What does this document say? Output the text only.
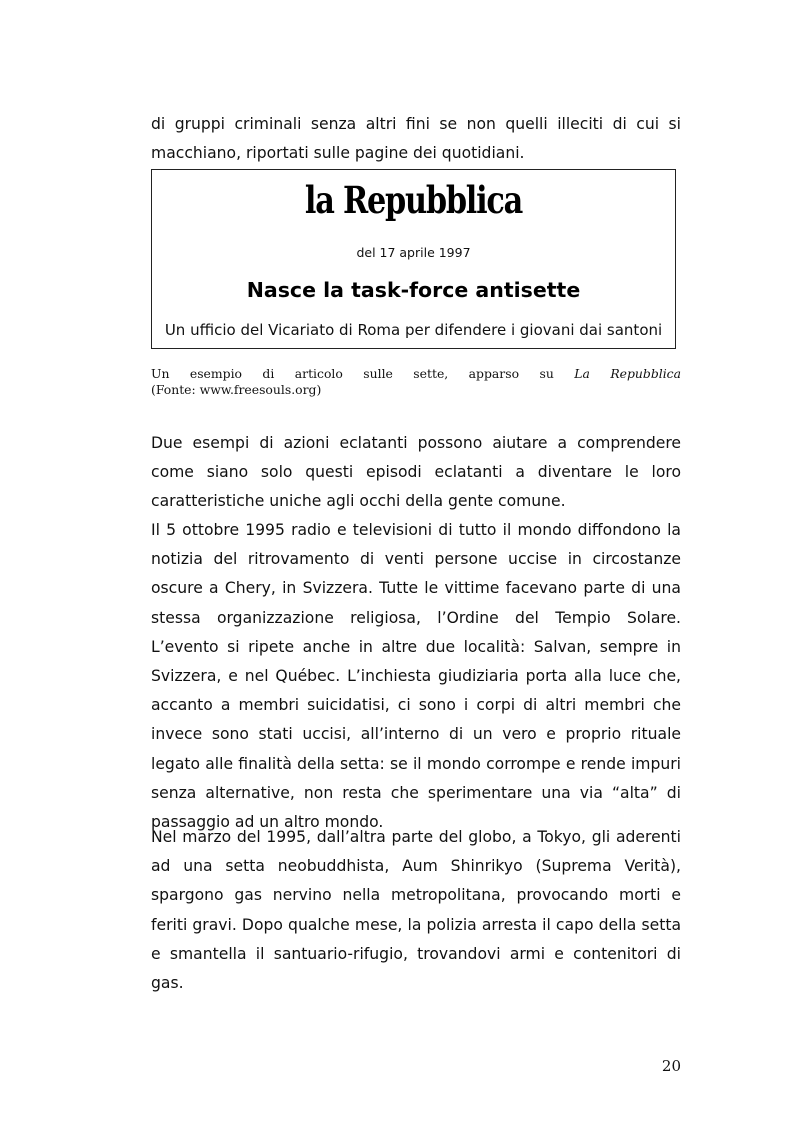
di gruppi criminali senza altri fini se non quelli illeciti di cui si macchiano, riportati sulle pagine dei quotidiani.

la Repubblica
del 17 aprile 1997
Nasce la task-force antisette
Un ufficio del Vicariato di Roma per difendere i giovani dai santoni

Un esempio di articolo sulle sette, apparso su La Repubblica
(Fonte: www.freesouls.org)

Due esempi di azioni eclatanti possono aiutare a comprendere come siano solo questi episodi eclatanti a diventare le loro caratteristiche uniche agli occhi della gente comune.

Il 5 ottobre 1995 radio e televisioni di tutto il mondo diffondono la notizia del ritrovamento di venti persone uccise in circostanze oscure a Chery, in Svizzera. Tutte le vittime facevano parte di una stessa organizzazione religiosa, l’Ordine del Tempio Solare. L’evento si ripete anche in altre due località: Salvan, sempre in Svizzera, e nel Québec. L’inchiesta giudiziaria porta alla luce che, accanto a membri suicidatisi, ci sono i corpi di altri membri che invece sono stati uccisi, all’interno di un vero e proprio rituale legato alle finalità della setta: se il mondo corrompe e rende impuri senza alternative, non resta che sperimentare una via “alta” di passaggio ad un altro mondo.

Nel marzo del 1995, dall’altra parte del globo, a Tokyo, gli aderenti ad una setta neobuddhista, Aum Shinrikyo (Suprema Verità), spargono gas nervino nella metropolitana, provocando morti e feriti gravi. Dopo qualche mese, la polizia arresta il capo della setta e smantella il santuario-rifugio, trovandovi armi e contenitori di gas.

20
